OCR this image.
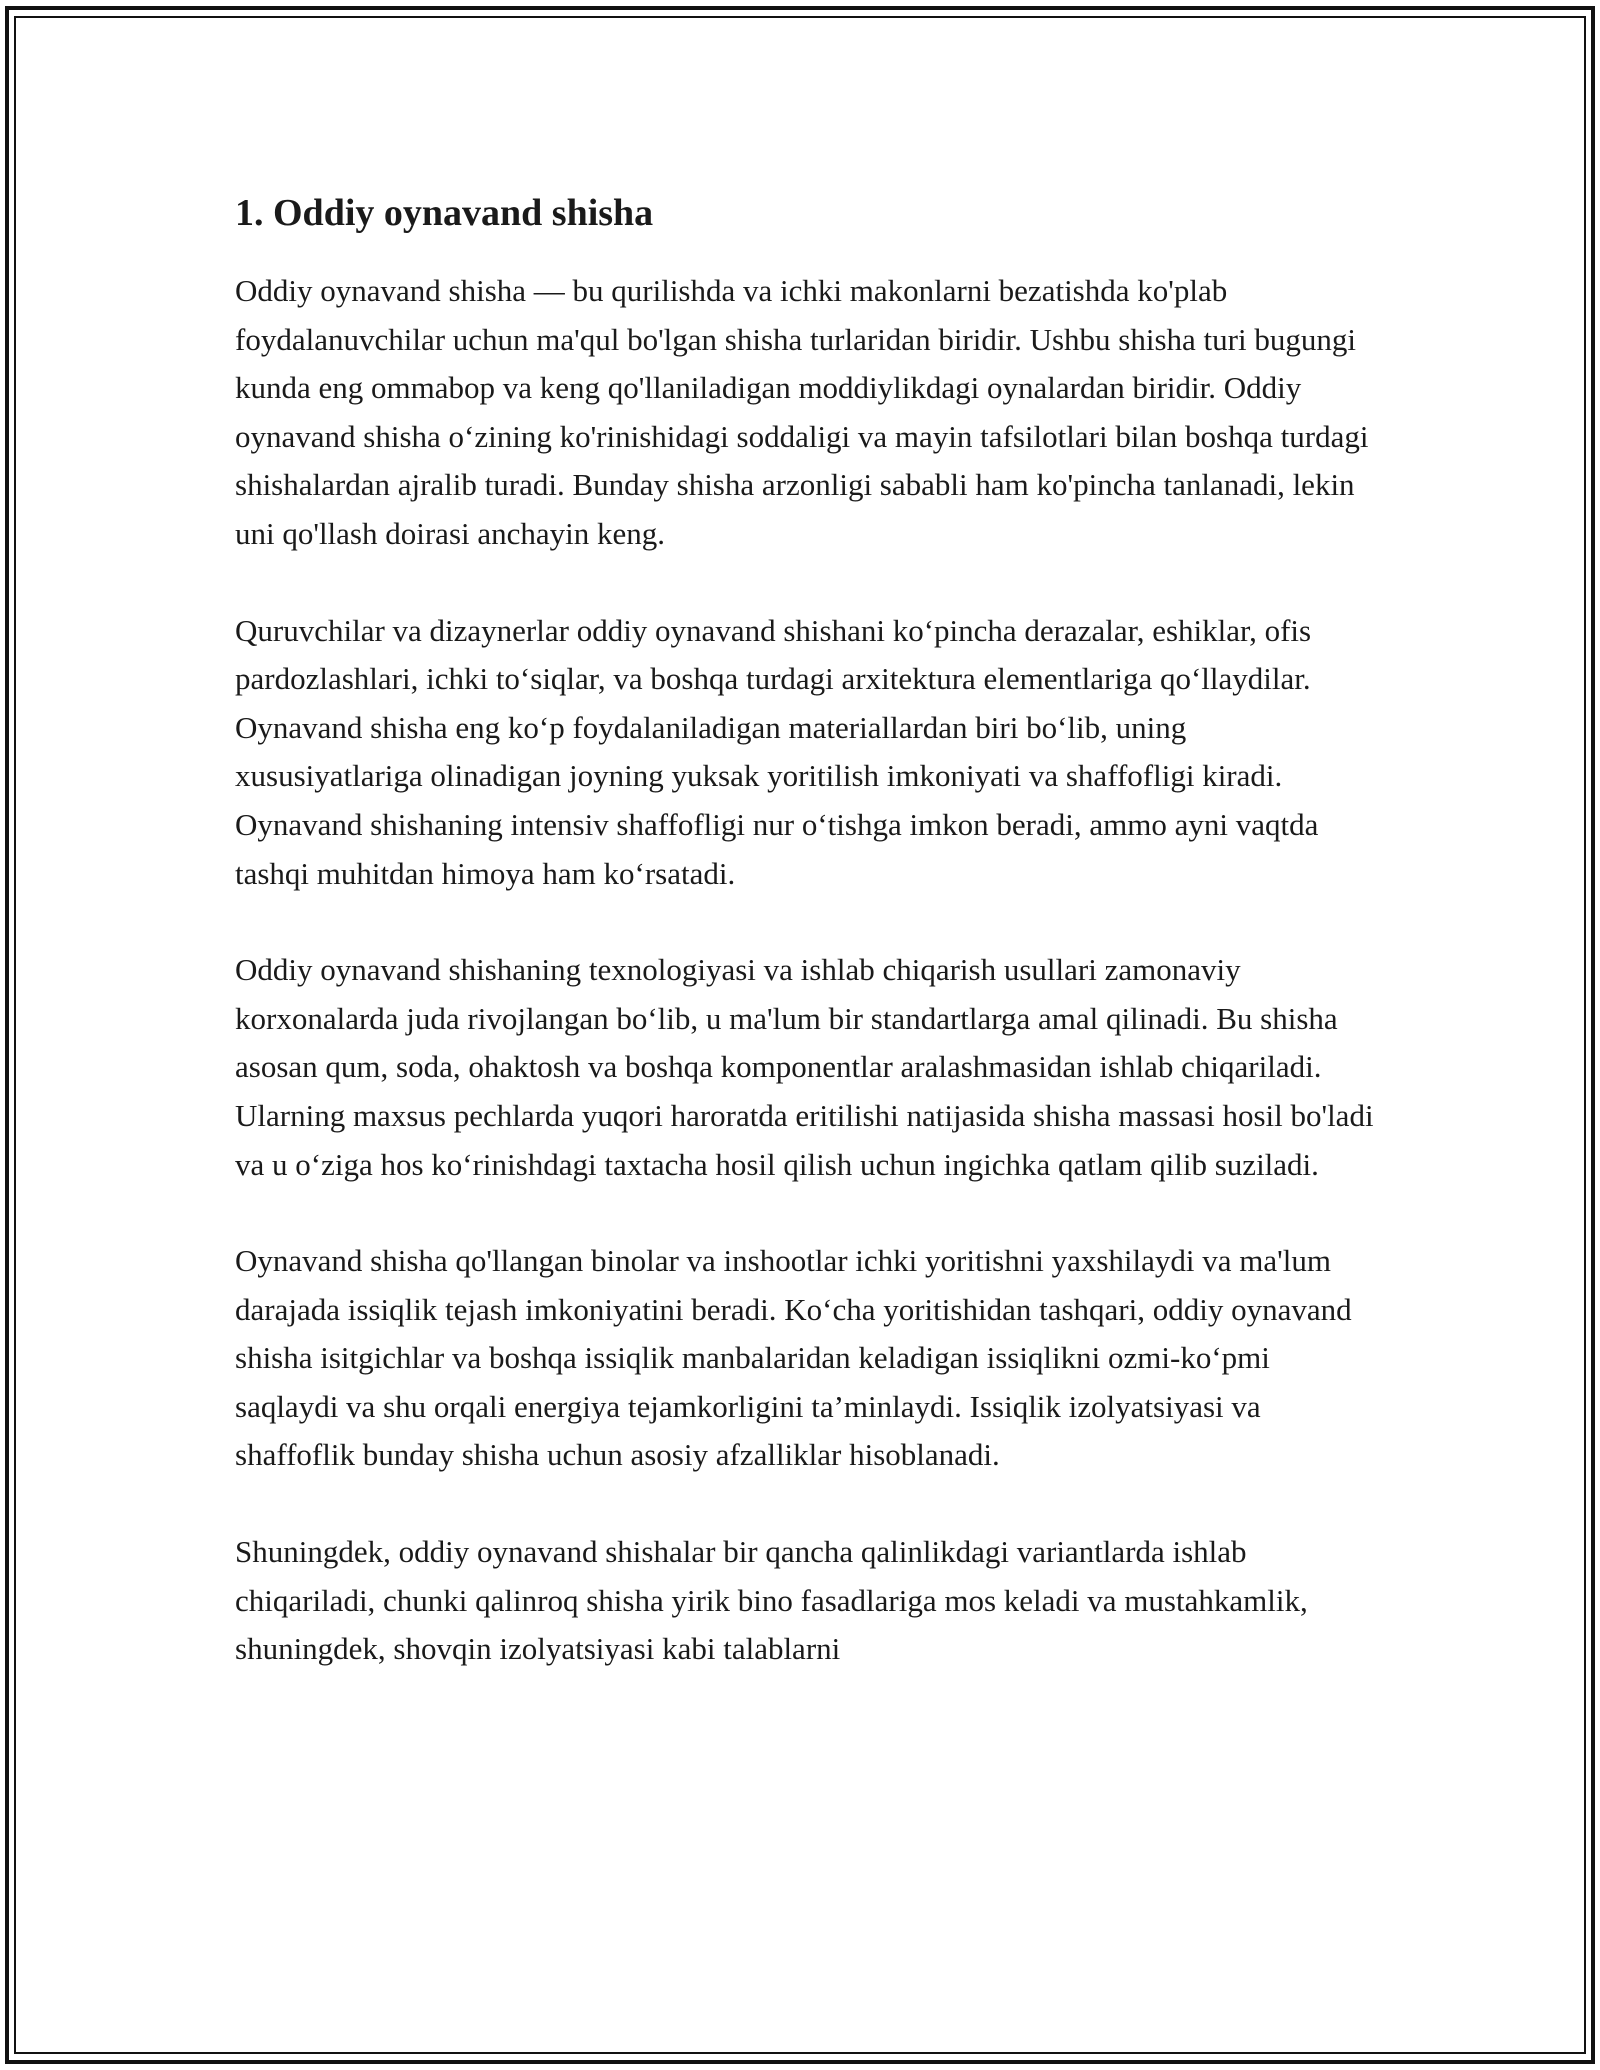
1. Oddiy oynavand shisha

Oddiy oynavand shisha — bu qurilishda va ichki makonlarni bezatishda ko'plab foydalanuvchilar uchun ma'qul bo'lgan shisha turlaridan biridir. Ushbu shisha turi bugungi kunda eng ommabop va keng qo'llaniladigan moddiylikdagi oynalardan biridir. Oddiy oynavand shisha o‘zining ko'rinishidagi soddaligi va mayin tafsilotlari bilan boshqa turdagi shishalardan ajralib turadi. Bunday shisha arzonligi sababli ham ko'pincha tanlanadi, lekin uni qo'llash doirasi anchayin keng.

Quruvchilar va dizaynerlar oddiy oynavand shishani ko‘pincha derazalar, eshiklar, ofis pardozlashlari, ichki to‘siqlar, va boshqa turdagi arxitektura elementlariga qo‘llaydilar. Oynavand shisha eng ko‘p foydalaniladigan materiallardan biri bo‘lib, uning xususiyatlariga olinadigan joyning yuksak yoritilish imkoniyati va shaffofligi kiradi. Oynavand shishaning intensiv shaffofligi nur o‘tishga imkon beradi, ammo ayni vaqtda tashqi muhitdan himoya ham ko‘rsatadi.

Oddiy oynavand shishaning texnologiyasi va ishlab chiqarish usullari zamonaviy korxonalarda juda rivojlangan bo‘lib, u ma'lum bir standartlarga amal qilinadi. Bu shisha asosan qum, soda, ohaktosh va boshqa komponentlar aralashmasidan ishlab chiqariladi. Ularning maxsus pechlarda yuqori haroratda eritilishi natijasida shisha massasi hosil bo'ladi va u o‘ziga hos ko‘rinishdagi taxtacha hosil qilish uchun ingichka qatlam qilib suziladi.

Oynavand shisha qo'llangan binolar va inshootlar ichki yoritishni yaxshilaydi va ma'lum darajada issiqlik tejash imkoniyatini beradi. Ko‘cha yoritishidan tashqari, oddiy oynavand shisha isitgichlar va boshqa issiqlik manbalaridan keladigan issiqlikni ozmi-ko‘pmi saqlaydi va shu orqali energiya tejamkorligini ta’minlaydi. Issiqlik izolyatsiyasi va shaffoflik bunday shisha uchun asosiy afzalliklar hisoblanadi.

Shuningdek, oddiy oynavand shishalar bir qancha qalinlikdagi variantlarda ishlab chiqariladi, chunki qalinroq shisha yirik bino fasadlariga mos keladi va mustahkamlik, shuningdek, shovqin izolyatsiyasi kabi talablarni
